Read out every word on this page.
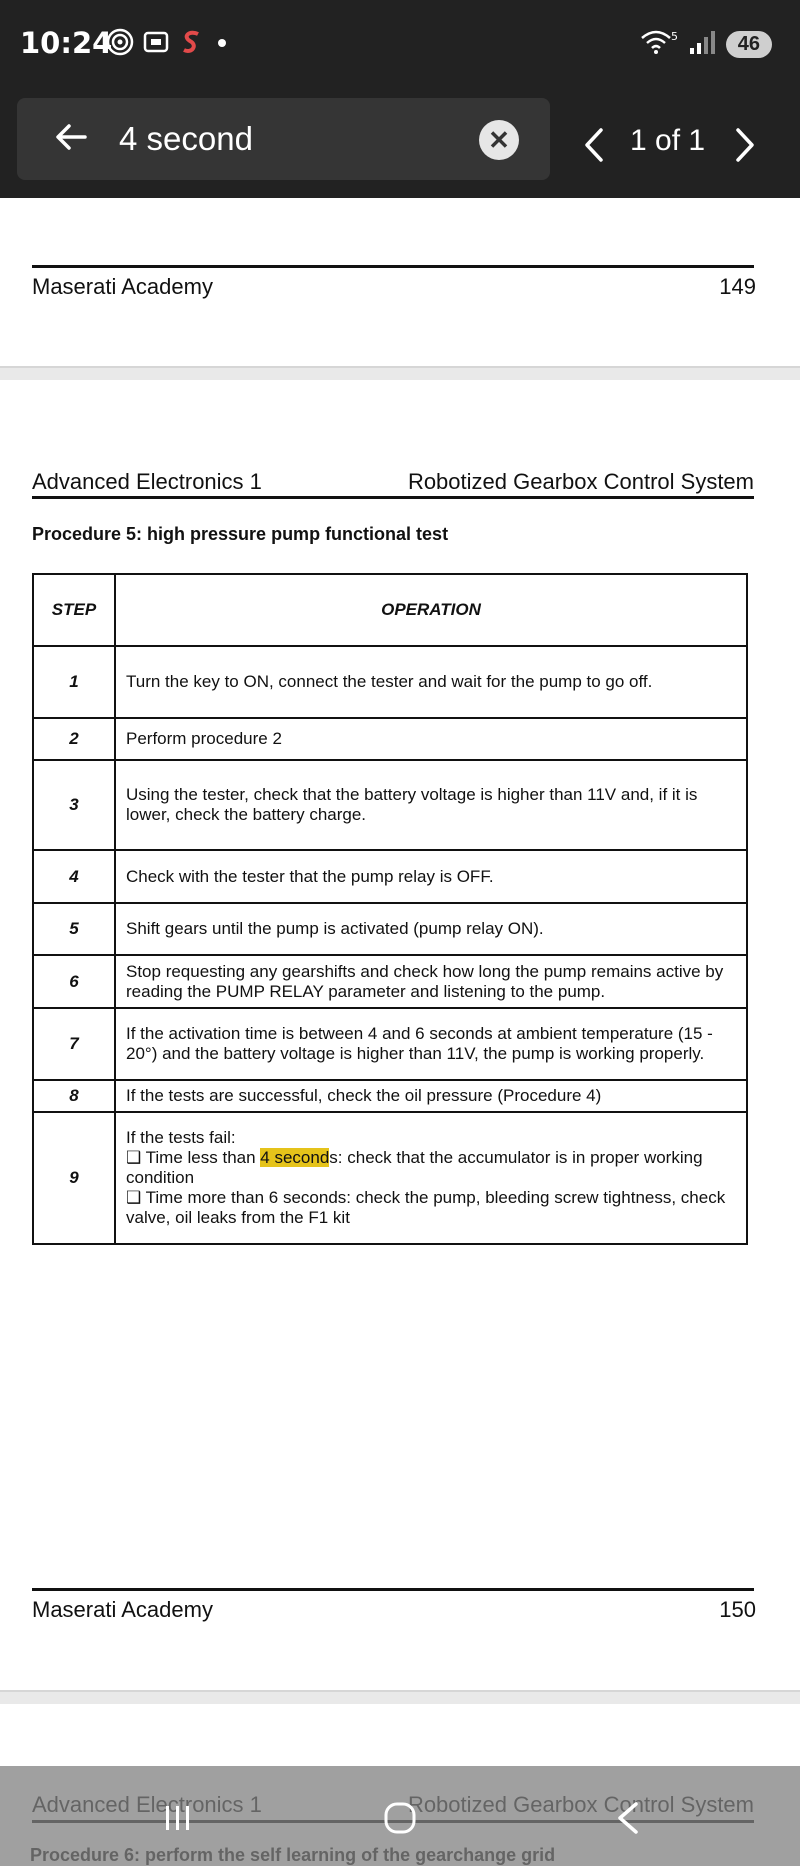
10:24	5	46
4 second
✕	1 of 1
Maserati Academy	149
Advanced Electronics 1	Robotized Gearbox Control System
Procedure 5: high pressure pump functional test
STEP	OPERATION
1	Turn the key to ON, connect the tester and wait for the pump to go off.
2	Perform procedure 2
3	Using the tester, check that the battery voltage is higher than 11V and, if it is lower, check the battery charge.
4	Check with the tester that the pump relay is OFF.
5	Shift gears until the pump is activated (pump relay ON).
6	Stop requesting any gearshifts and check how long the pump remains active by reading the PUMP RELAY parameter and listening to the pump.
7	If the activation time is between 4 and 6 seconds at ambient temperature (15 - 20°) and the battery voltage is higher than 11V, the pump is working properly.
8	If the tests are successful, check the oil pressure (Procedure 4)
9	If the tests fail:
❑ Time less than 4 seconds: check that the accumulator is in proper working condition
❑ Time more than 6 seconds: check the pump, bleeding screw tightness, check valve, oil leaks from the F1 kit
Maserati Academy	150
